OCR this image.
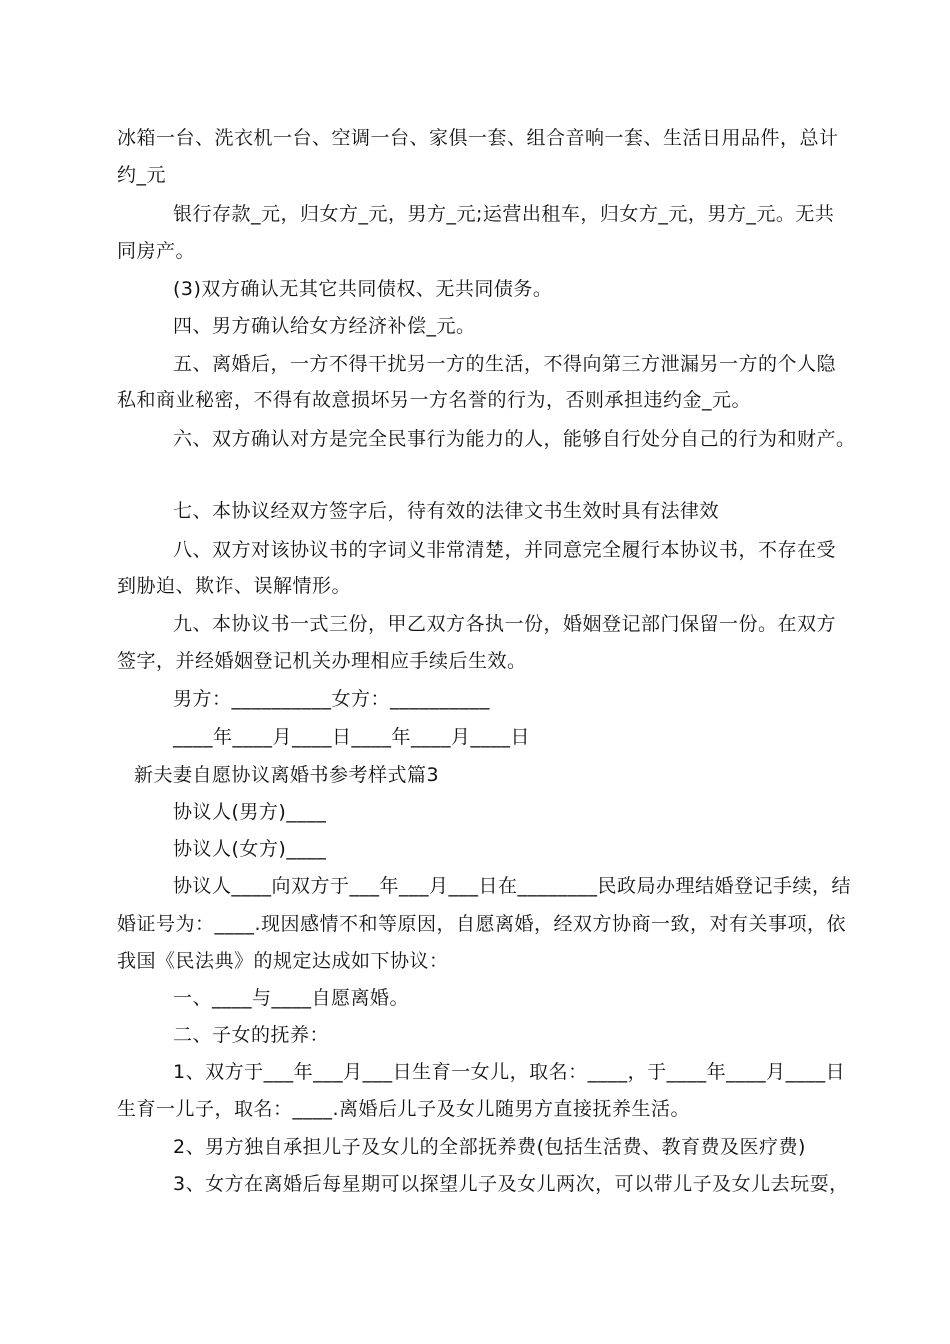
冰箱一台、洗衣机一台、空调一台、家俱一套、组合音响一套、生活日用品件，总计
约_元
银行存款_元，归女方_元，男方_元;运营出租车，归女方_元，男方_元。无共
同房产。
(3)双方确认无其它共同债权、无共同债务。
四、男方确认给女方经济补偿_元。
五、离婚后，一方不得干扰另一方的生活，不得向第三方泄漏另一方的个人隐
私和商业秘密，不得有故意损坏另一方名誉的行为，否则承担违约金_元。
六、双方确认对方是完全民事行为能力的人，能够自行处分自己的行为和财产。
七、本协议经双方签字后，待有效的法律文书生效时具有法律效
八、双方对该协议书的字词义非常清楚，并同意完全履行本协议书，不存在受
到胁迫、欺诈、误解情形。
九、本协议书一式三份，甲乙双方各执一份，婚姻登记部门保留一份。在双方
签字，并经婚姻登记机关办理相应手续后生效。
男方：__________女方：__________
____年____月____日____年____月____日
新夫妻自愿协议离婚书参考样式篇3
协议人(男方)____
协议人(女方)____
协议人____向双方于___年___月___日在________民政局办理结婚登记手续，结
婚证号为：____.现因感情不和等原因，自愿离婚，经双方协商一致，对有关事项，依
我国《民法典》的规定达成如下协议：
一、____与____自愿离婚。
二、子女的抚养：
1、双方于___年___月___日生育一女儿，取名：____，于____年____月____日
生育一儿子，取名：____.离婚后儿子及女儿随男方直接抚养生活。
2、男方独自承担儿子及女儿的全部抚养费(包括生活费、教育费及医疗费)
3、女方在离婚后每星期可以探望儿子及女儿两次，可以带儿子及女儿去玩耍，
